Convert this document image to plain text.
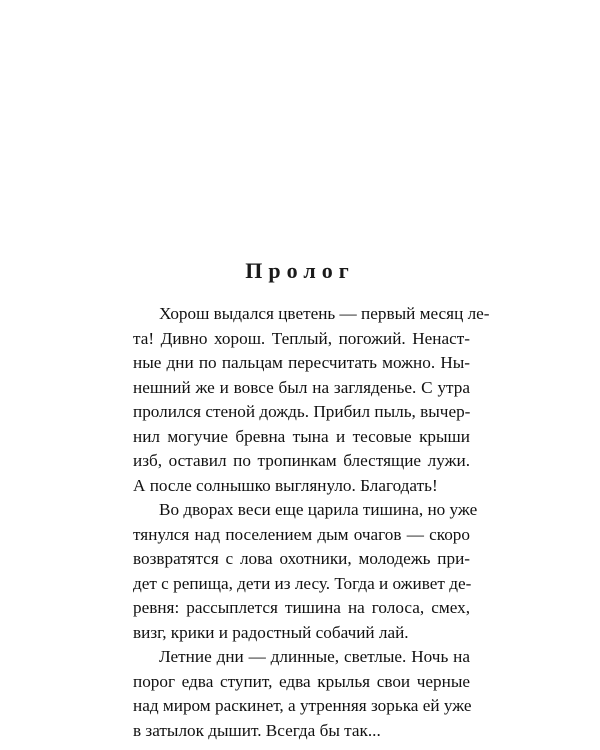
Пролог
Хорош выдался цветень — первый месяц ле-
та! Дивно хорош. Теплый, погожий. Ненаст-
ные дни по пальцам пересчитать можно. Ны-
нешний же и вовсе был на загляденье. С утра
пролился стеной дождь. Прибил пыль, вычер-
нил могучие бревна тына и тесовые крыши
изб, оставил по тропинкам блестящие лужи.
А после солнышко выглянуло. Благодать!
Во дворах веси еще царила тишина, но уже
тянулся над поселением дым очагов — скоро
возвратятся с лова охотники, молодежь при-
дет с репища, дети из лесу. Тогда и оживет де-
ревня: рассыплется тишина на голоса, смех,
визг, крики и радостный собачий лай.
Летние дни — длинные, светлые. Ночь на
порог едва ступит, едва крылья свои черные
над миром раскинет, а утренняя зорька ей уже
в затылок дышит. Всегда бы так...
